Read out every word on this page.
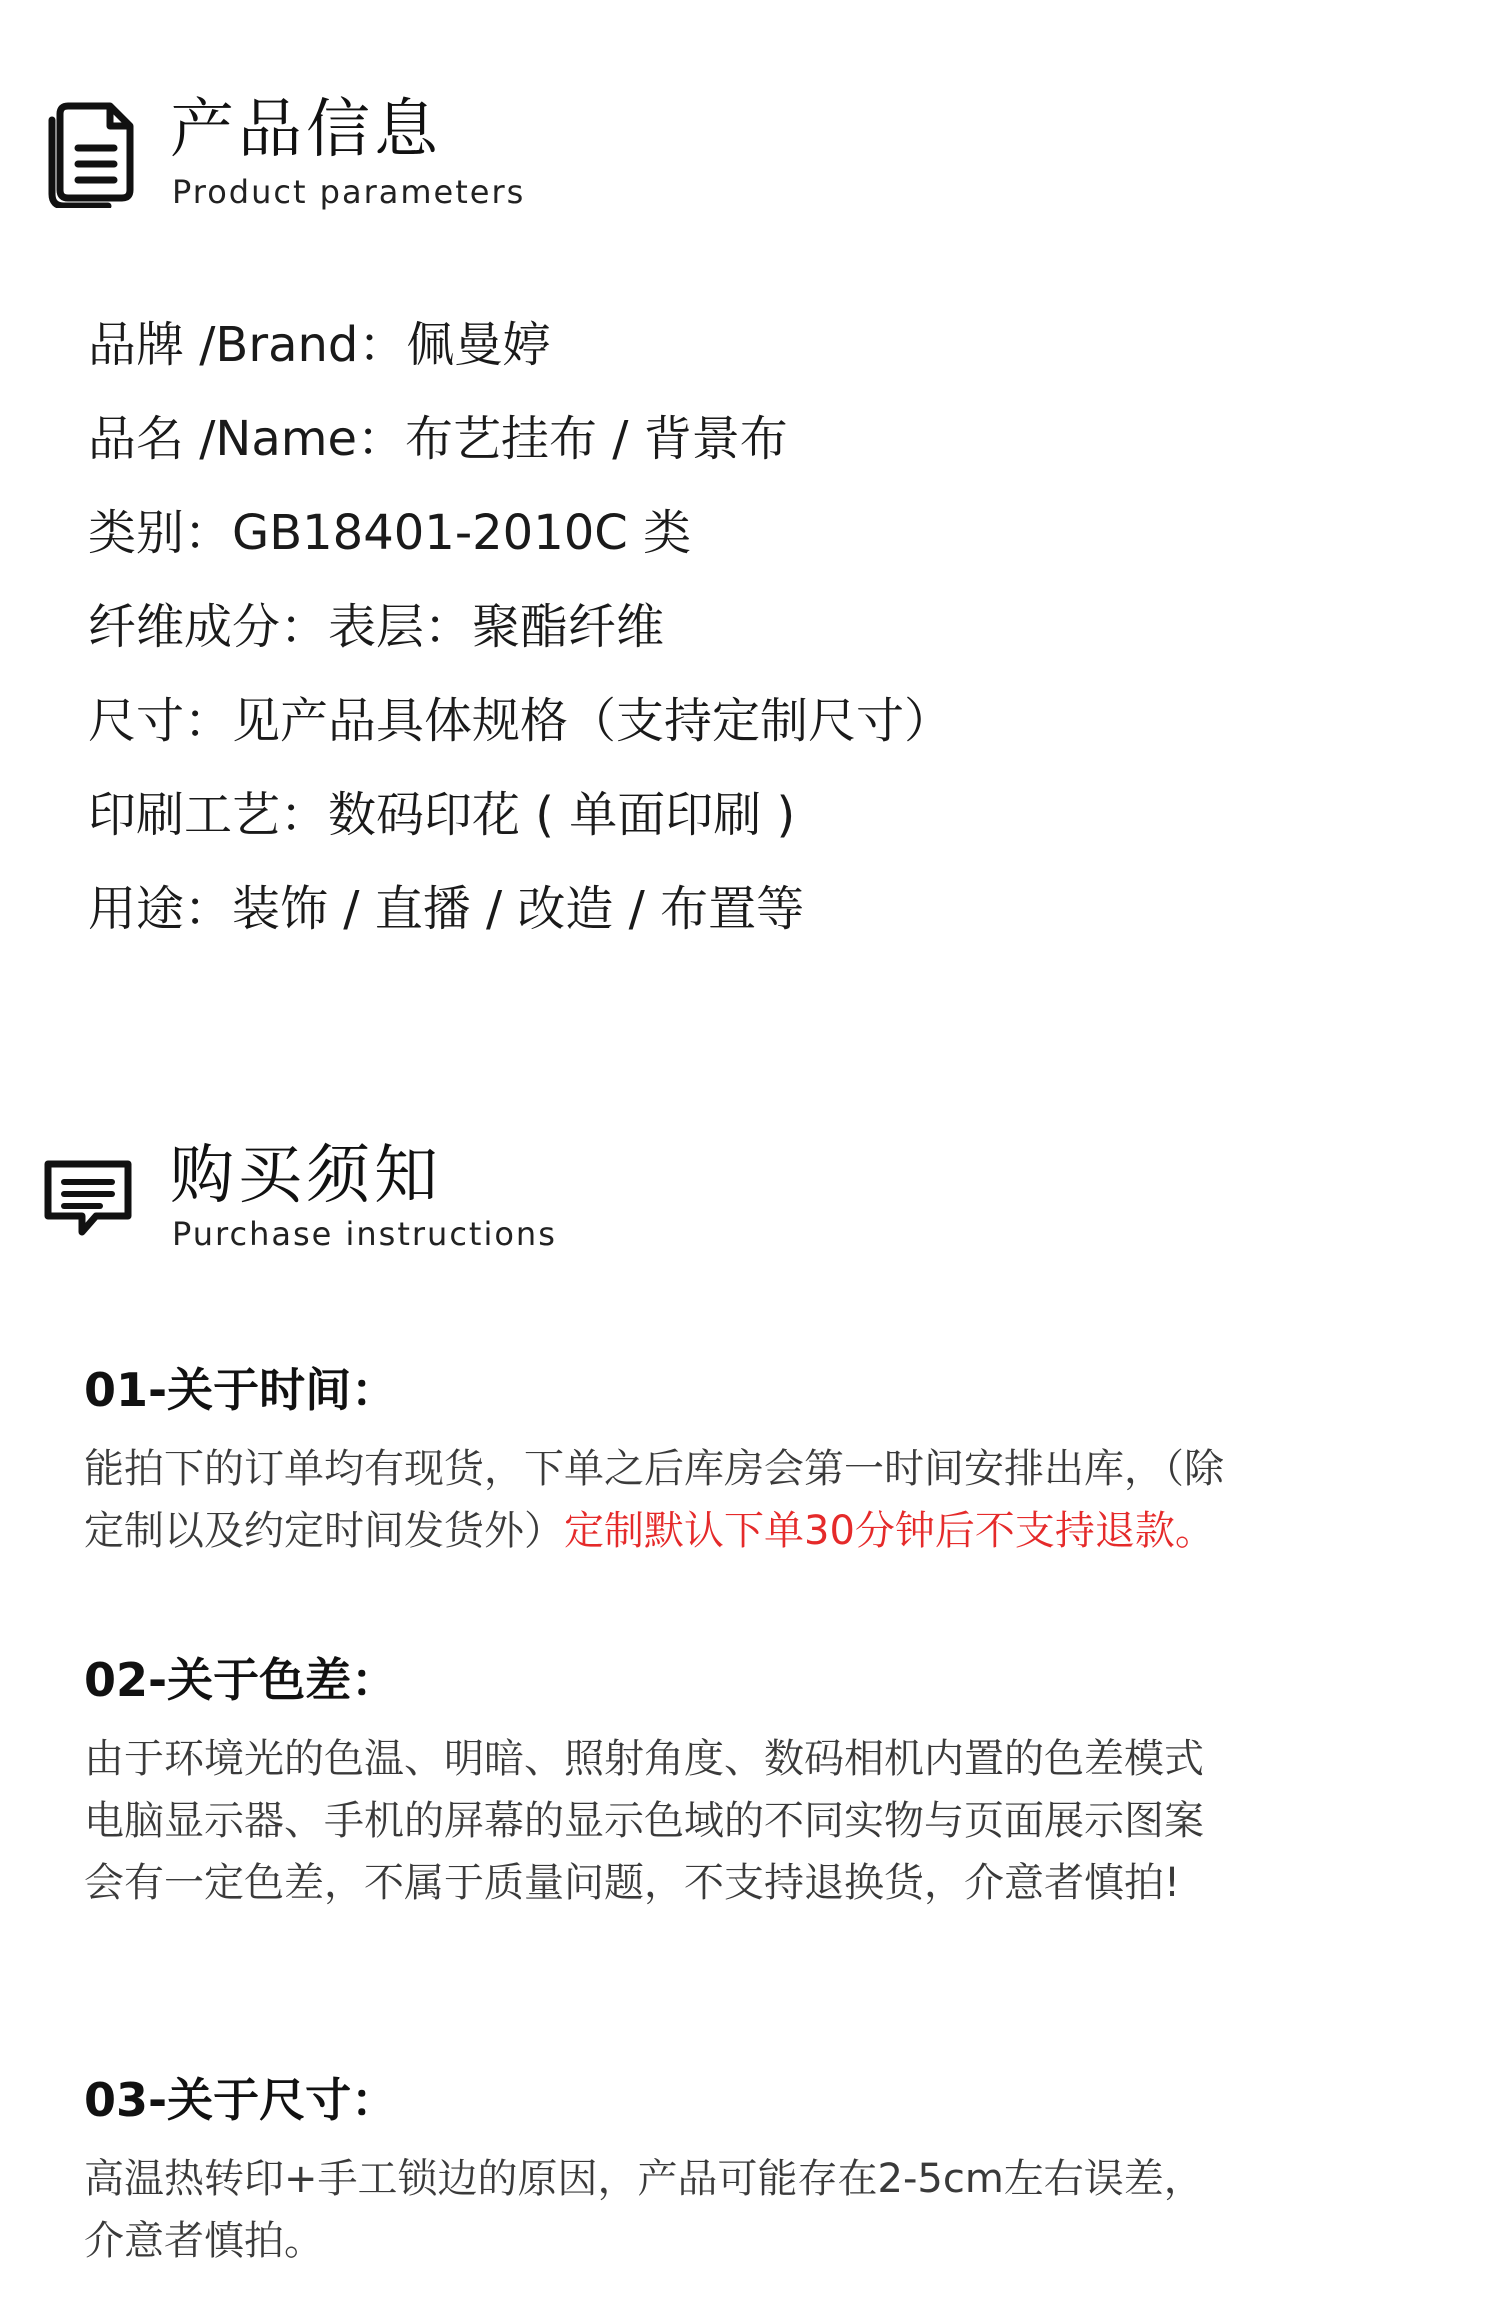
产品信息
Product parameters
品牌 /Brand：佩曼婷
品名 /Name：布艺挂布 / 背景布
类别：GB18401-2010C 类
纤维成分：表层：聚酯纤维
尺寸：见产品具体规格（支持定制尺寸）
印刷工艺：数码印花 ( 单面印刷 )
用途：装饰 / 直播 / 改造 / 布置等
购买须知
Purchase instructions

01-关于时间：

能拍下的订单均有现货，下单之后库房会第一时间安排出库，（除
定制以及约定时间发货外）定制默认下单30分钟后不支持退款。

02-关于色差：

由于环境光的色温、明暗、照射角度、数码相机内置的色差模式
电脑显示器、手机的屏幕的显示色域的不同实物与页面展示图案
会有一定色差，不属于质量问题，不支持退换货，介意者慎拍!

03-关于尺寸：

高温热转印+手工锁边的原因，产品可能存在2-5cm左右误差，
介意者慎拍。
